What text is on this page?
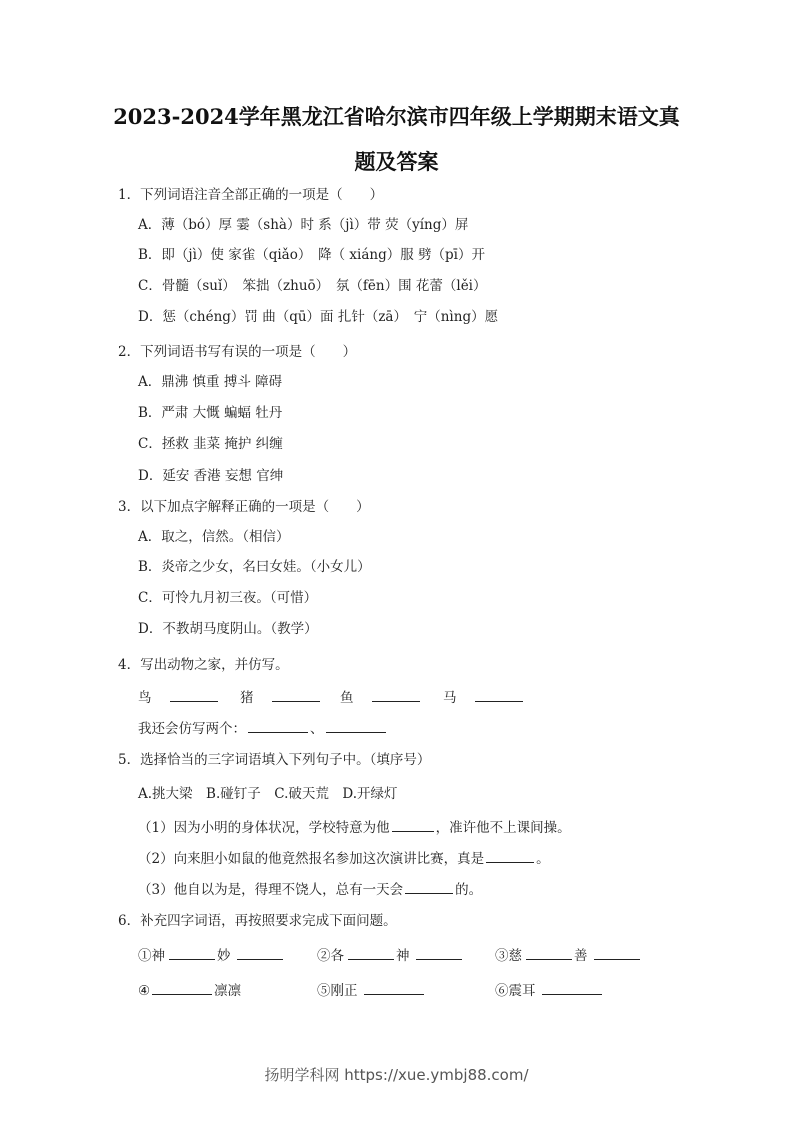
2023-2024学年黑龙江省哈尔滨市四年级上学期期末语文真
题及答案
1．下列词语注音全部正确的一项是（　　）
A．薄（bó）厚 霎（shà）时 系（jì）带 荧（yíng）屏
B．即（jì）使 家雀（qiǎo）　降（ xiáng）服 劈（pī）开
C．骨髓（suǐ）　笨拙（zhuō）　氛（fēn）围 花蕾（lěi）
D．惩（chéng）罚 曲（qū）面 扎针（zā）　宁（nìng）愿
2．下列词语书写有误的一项是（　　）
A．鼎沸 慎重 搏斗 障碍
B．严肃 大慨 蝙蝠 牡丹
C．拯救 韭菜 掩护 纠缠
D．延安 香港 妄想 官绅
3．以下加点字解释正确的一项是（　　）
A．取之，信然。（相信）
B．炎帝之少女，名曰女娃。（小女儿）
C．可怜九月初三夜。（可惜）
D．不教胡马度阴山。（教学）
4．写出动物之家，并仿写。
鸟	猪	鱼	马
我还会仿写两个：	、
5．选择恰当的三字词语填入下列句子中。（填序号）
A.挑大梁　B.碰钉子　C.破天荒　D.开绿灯
（1）因为小明的身体状况，学校特意为他	，准许他不上课间操。
（2）向来胆小如鼠的他竟然报名参加这次演讲比赛，真是	。
（3）他自以为是，得理不饶人，总有一天会	的。
6．补充四字词语，再按照要求完成下面问题。
①神	妙	②各	神	③慈	善
④	凛凛	⑤刚正	⑥震耳
扬明学科网 https://xue.ymbj88.com/
